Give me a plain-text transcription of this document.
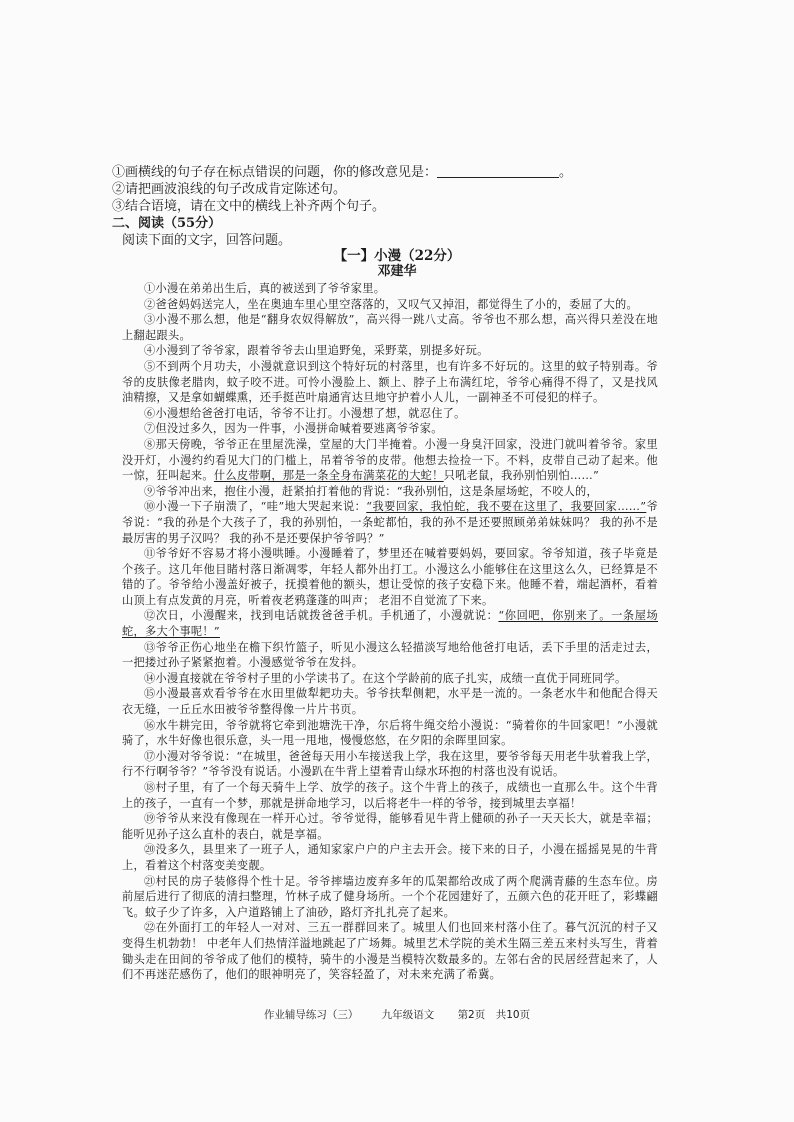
①画横线的句子存在标点错误的问题，你的修改意见是：	。

②请把画波浪线的句子改成肯定陈述句。

③结合语境，请在文中的横线上补齐两个句子。

二、阅读（55分）
阅读下面的文字，回答问题。
【一】小漫（22分）
邓建华

①小漫在弟弟出生后，真的被送到了爷爷家里。

②爸爸妈妈送完人，坐在奥迪车里心里空落落的，又叹气又掉泪，都觉得生了小的，委屈了大的。

③小漫不那么想，他是“翻身农奴得解放”，高兴得一跳八丈高。爷爷也不那么想，高兴得只差没在地上翻起跟头。

④小漫到了爷爷家，跟着爷爷去山里追野兔，采野菜，别提多好玩。

⑤不到两个月功夫，小漫就意识到这个特好玩的村落里，也有许多不好玩的。这里的蚊子特别毒。爷爷的皮肤像老腊肉，蚊子咬不进。可怜小漫脸上、额上、脖子上布满红坨，爷爷心痛得不得了，又是找风油精擦，又是拿如蝴蝶熏，还手挺芭叶扇通宵达旦地守护着小人儿，一副神圣不可侵犯的样子。

⑥小漫想给爸爸打电话，爷爷不让打。小漫想了想，就忍住了。

⑦但没过多久，因为一件事，小漫拼命喊着要逃离爷爷家。

⑧那天傍晚，爷爷正在里屋洗澡，堂屋的大门半掩着。小漫一身臭汗回家，没进门就叫着爷爷。家里没开灯，小漫约约看见大门的门槛上，吊着爷爷的皮带。他想去捡捡一下。不料，皮带自己动了起来。他一惊，狂叫起来。什么皮带啊，那是一条全身布满菜花的大蛇！只吼老鼠，我孙别怕别怕……”

⑨爷爷冲出来，抱住小漫，赶紧拍打着他的背说：“我孙别怕，这是条屋场蛇，不咬人的，

⑩小漫一下子崩溃了，“哇”地大哭起来说：“我要回家，我怕蛇，我不要在这里了，我要回家……”爷爷说：“我的孙是个大孩子了，我的孙别怕，一条蛇都怕，我的孙不是还要照顾弟弟妹妹吗？ 我的孙不是最厉害的男子汉吗？ 我的孙不是还要保护爷爷吗？”

⑪爷爷好不容易才将小漫哄睡。小漫睡着了，梦里还在喊着要妈妈，要回家。爷爷知道，孩子毕竟是个孩子。这几年他目睹村落日渐凋零，年轻人都外出打工。小漫这么小能够住在这里这么久，已经算是不错的了。爷爷给小漫盖好被子，抚摸着他的额头，想让受惊的孩子安稳下来。他睡不着，端起酒杯，看着山顶上有点发黄的月亮，听着夜老鸦蓬蓬的叫声； 老泪不自觉流了下来。

⑫次日，小漫醒来，找到电话就拨爸爸手机。手机通了，小漫就说：“你回吧，你别来了。一条屋场蛇，多大个事呢！”

⑬爷爷正伤心地坐在檐下织竹篮子，听见小漫这么轻描淡写地给他爸打电话，丢下手里的活走过去，一把搂过孙子紧紧抱着。小漫感觉爷爷在发抖。

⑭小漫直接就在爷爷村子里的小学读书了。在这个学龄前的底子扎实，成绩一直优于同班同学。

⑮小漫最喜欢看爷爷在水田里做犁耙功夫。爷爷扶犁侧耙，水平是一流的。一条老水牛和他配合得天衣无缝，一丘丘水田被爷爷整得像一片片书页。

⑯水牛耕完田，爷爷就将它牵到池塘洗干净，尔后将牛绳交给小漫说：“骑着你的牛回家吧！”小漫就骑了，水牛好像也很乐意，头一甩一甩地，慢慢悠悠，在夕阳的余晖里回家。

⑰小漫对爷爷说：“在城里，爸爸每天用小车接送我上学，我在这里，要爷爷每天用老牛驮着我上学，行不行啊爷爷？”爷爷没有说话。小漫趴在牛背上望着青山绿水环抱的村落也没有说话。

⑱村子里，有了一个每天骑牛上学、放学的孩子。这个牛背上的孩子，成绩也一直那么牛。这个牛背上的孩子，一直有一个梦，那就是拼命地学习，以后将老牛一样的爷爷，接到城里去享福！

⑲爷爷从来没有像现在一样开心过。爷爷觉得，能够看见牛背上健硕的孙子一天天长大，就是幸福； 能听见孙子这么直朴的表白，就是享福。

⑳没多久，县里来了一班子人，通知家家户户的户主去开会。接下来的日子，小漫在摇摇晃晃的牛背上，看着这个村落变美变靓。

㉑村民的房子装修得个性十足。爷爷摔墙边废弃多年的瓜架都给改成了两个爬满青藤的生态车位。房前屋后进行了彻底的清扫整理，竹林子成了健身场所。一个个花园建好了，五颜六色的花开旺了，彩蝶翩飞。蚊子少了许多，入户道路铺上了油砂，路灯齐扎扎亮了起来。

㉒在外面打工的年轻人一对对、三五一群群回来了。城里人们也回来村落小住了。暮气沉沉的村子又变得生机勃勃！ 中老年人们热情洋溢地跳起了广场舞。城里艺术学院的美术生隔三差五来村头写生，背着锄头走在田间的爷爷成了他们的模特，骑牛的小漫是当模特次数最多的。左邻右舍的民居经营起来了，人们不再迷茫感伤了，他们的眼神明亮了，笑容轻盈了，对未来充满了希冀。

作业辅导练习（三） 九年级语文 第2页　共10页
